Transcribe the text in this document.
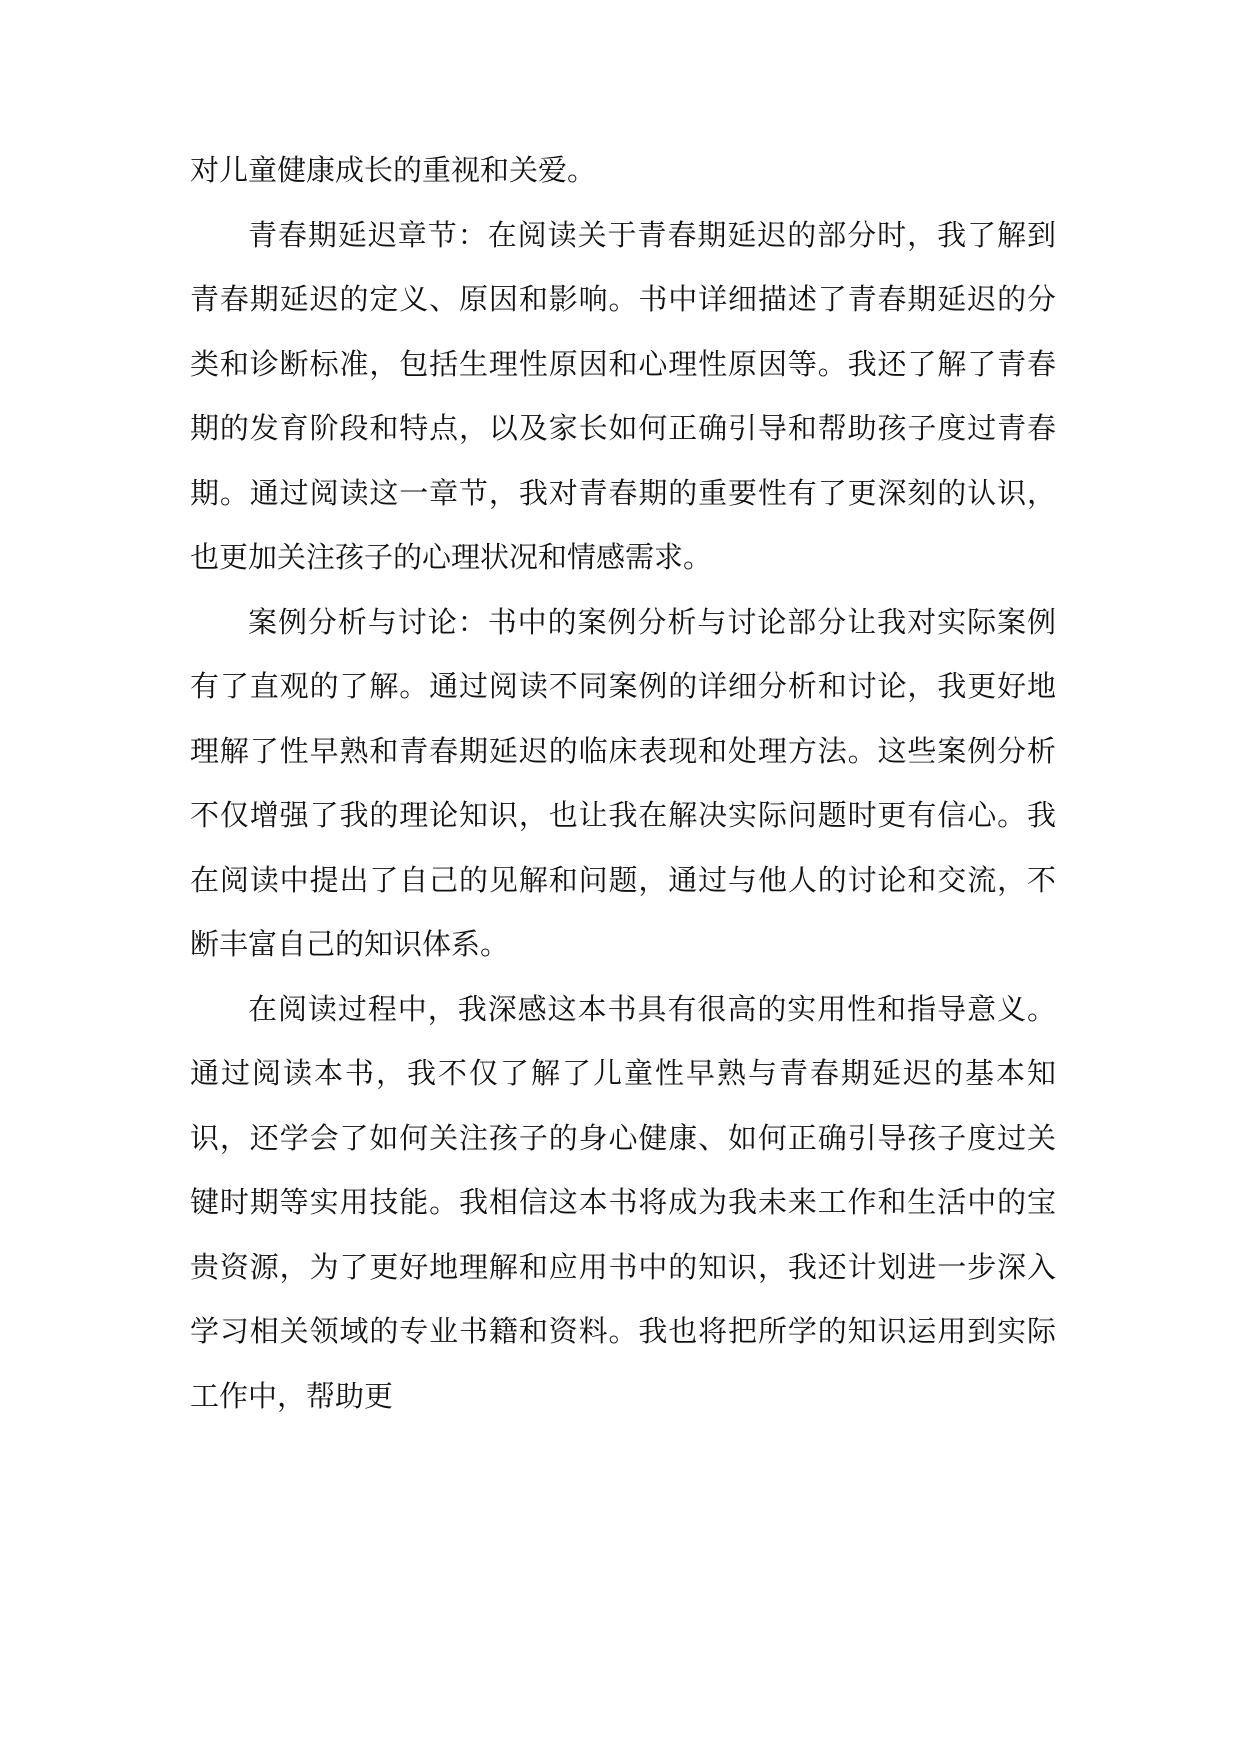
对儿童健康成长的重视和关爱。

青春期延迟章节：在阅读关于青春期延迟的部分时，我了解到青春期延迟的定义、原因和影响。书中详细描述了青春期延迟的分类和诊断标准，包括生理性原因和心理性原因等。我还了解了青春期的发育阶段和特点，以及家长如何正确引导和帮助孩子度过青春期。通过阅读这一章节，我对青春期的重要性有了更深刻的认识，也更加关注孩子的心理状况和情感需求。

案例分析与讨论：书中的案例分析与讨论部分让我对实际案例有了直观的了解。通过阅读不同案例的详细分析和讨论，我更好地理解了性早熟和青春期延迟的临床表现和处理方法。这些案例分析不仅增强了我的理论知识，也让我在解决实际问题时更有信心。我在阅读中提出了自己的见解和问题，通过与他人的讨论和交流，不断丰富自己的知识体系。

在阅读过程中，我深感这本书具有很高的实用性和指导意义。通过阅读本书，我不仅了解了儿童性早熟与青春期延迟的基本知识，还学会了如何关注孩子的身心健康、如何正确引导孩子度过关键时期等实用技能。我相信这本书将成为我未来工作和生活中的宝贵资源，为了更好地理解和应用书中的知识，我还计划进一步深入学习相关领域的专业书籍和资料。我也将把所学的知识运用到实际工作中，帮助更
